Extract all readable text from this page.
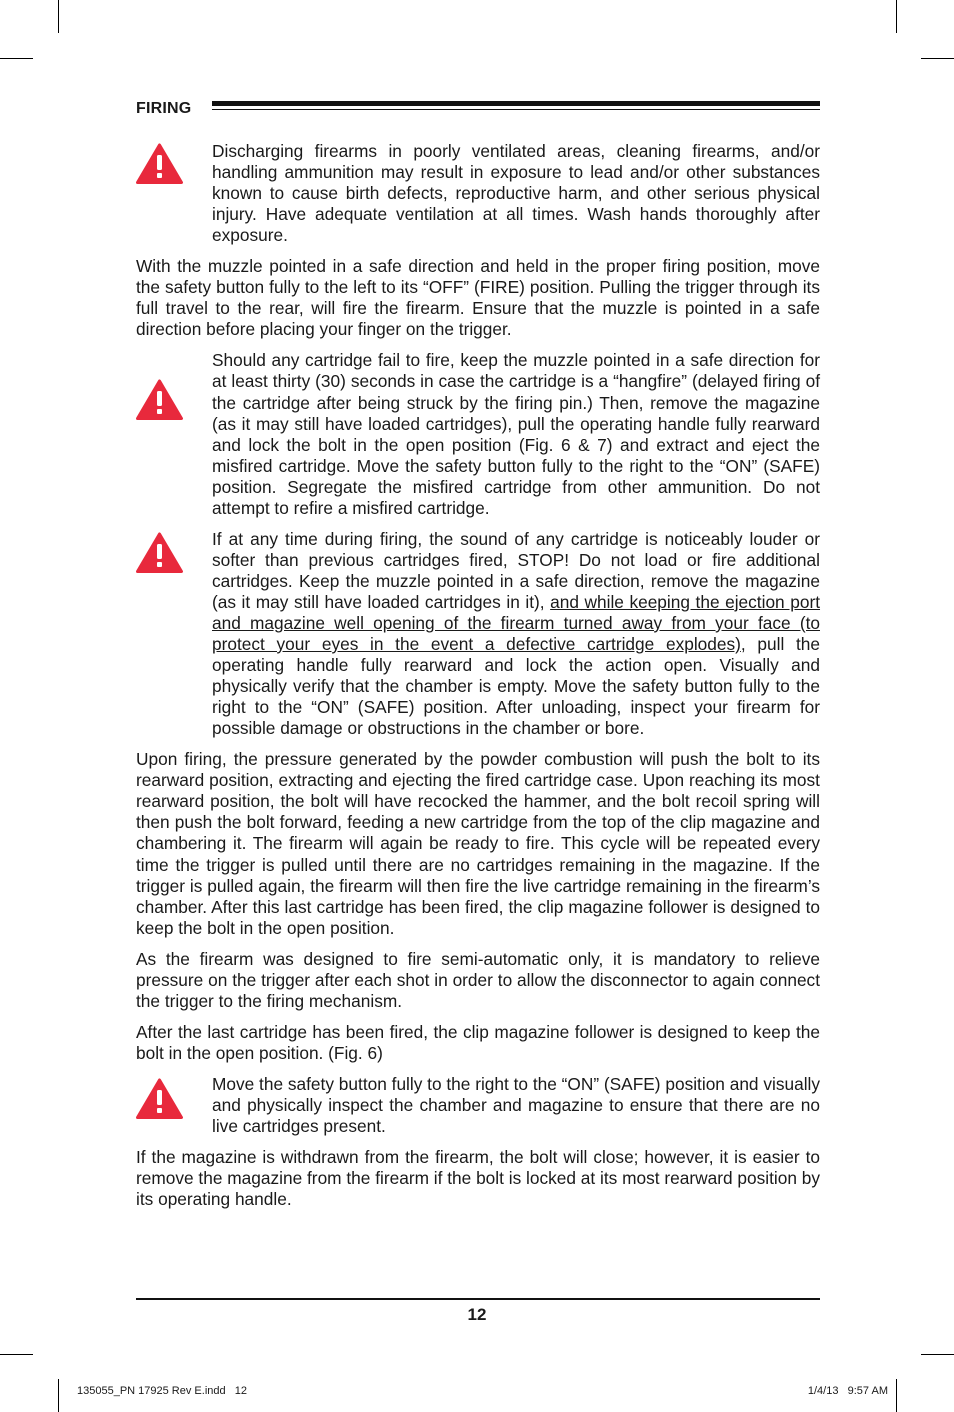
FIRING
Discharging firearms in poorly ventilated areas, cleaning firearms, and/or handling ammunition may result in exposure to lead and/or other substances known to cause birth defects, reproductive harm, and other serious physical injury. Have adequate ventilation at all times. Wash hands thoroughly after exposure.

With the muzzle pointed in a safe direction and held in the proper firing position, move the safety button fully to the left to its “OFF” (FIRE) position. Pulling the trigger through its full travel to the rear, will fire the firearm. Ensure that the muzzle is pointed in a safe direction before placing your finger on the trigger.

Should any cartridge fail to fire, keep the muzzle pointed in a safe direction for at least thirty (30) seconds in case the cartridge is a “hangfire” (delayed firing of the cartridge after being struck by the firing pin.) Then, remove the magazine (as it may still have loaded cartridges), pull the operating handle fully rearward and lock the bolt in the open position (Fig. 6 & 7) and extract and eject the misfired cartridge. Move the safety button fully to the right to the “ON” (SAFE) position. Segregate the misfired cartridge from other ammunition. Do not attempt to refire a misfired cartridge.
If at any time during firing, the sound of any cartridge is noticeably louder or softer than previous cartridges fired, STOP! Do not load or fire additional cartridges. Keep the muzzle pointed in a safe direction, remove the magazine (as it may still have loaded cartridges in it), and while keeping the ejection port and magazine well opening of the firearm turned away from your face (to protect your eyes in the event a defective cartridge explodes), pull the operating handle fully rearward and lock the action open. Visually and physically verify that the chamber is empty. Move the safety button fully to the right to the “ON” (SAFE) position. After unloading, inspect your firearm for possible damage or obstructions in the chamber or bore.

Upon firing, the pressure generated by the powder combustion will push the bolt to its rearward position, extracting and ejecting the fired cartridge case. Upon reaching its most rearward position, the bolt will have recocked the hammer, and the bolt recoil spring will then push the bolt forward, feeding a new cartridge from the top of the clip magazine and chambering it. The firearm will again be ready to fire. This cycle will be repeated every time the trigger is pulled until there are no cartridges remaining in the magazine. If the trigger is pulled again, the firearm will then fire the live cartridge remaining in the firearm’s chamber. After this last cartridge has been fired, the clip magazine follower is designed to keep the bolt in the open position.

As the firearm was designed to fire semi-automatic only, it is mandatory to relieve pressure on the trigger after each shot in order to allow the disconnector to again connect the trigger to the firing mechanism.

After the last cartridge has been fired, the clip magazine follower is designed to keep the bolt in the open position. (Fig. 6)

Move the safety button fully to the right to the “ON” (SAFE) position and visually and physically inspect the chamber and magazine to ensure that there are no live cartridges present.

If the magazine is withdrawn from the firearm, the bolt will close; however, it is easier to remove the magazine from the firearm if the bolt is locked at its most rearward position by its operating handle.

12
135055_PN 17925 Rev E.indd   12	1/4/13   9:57 AM
